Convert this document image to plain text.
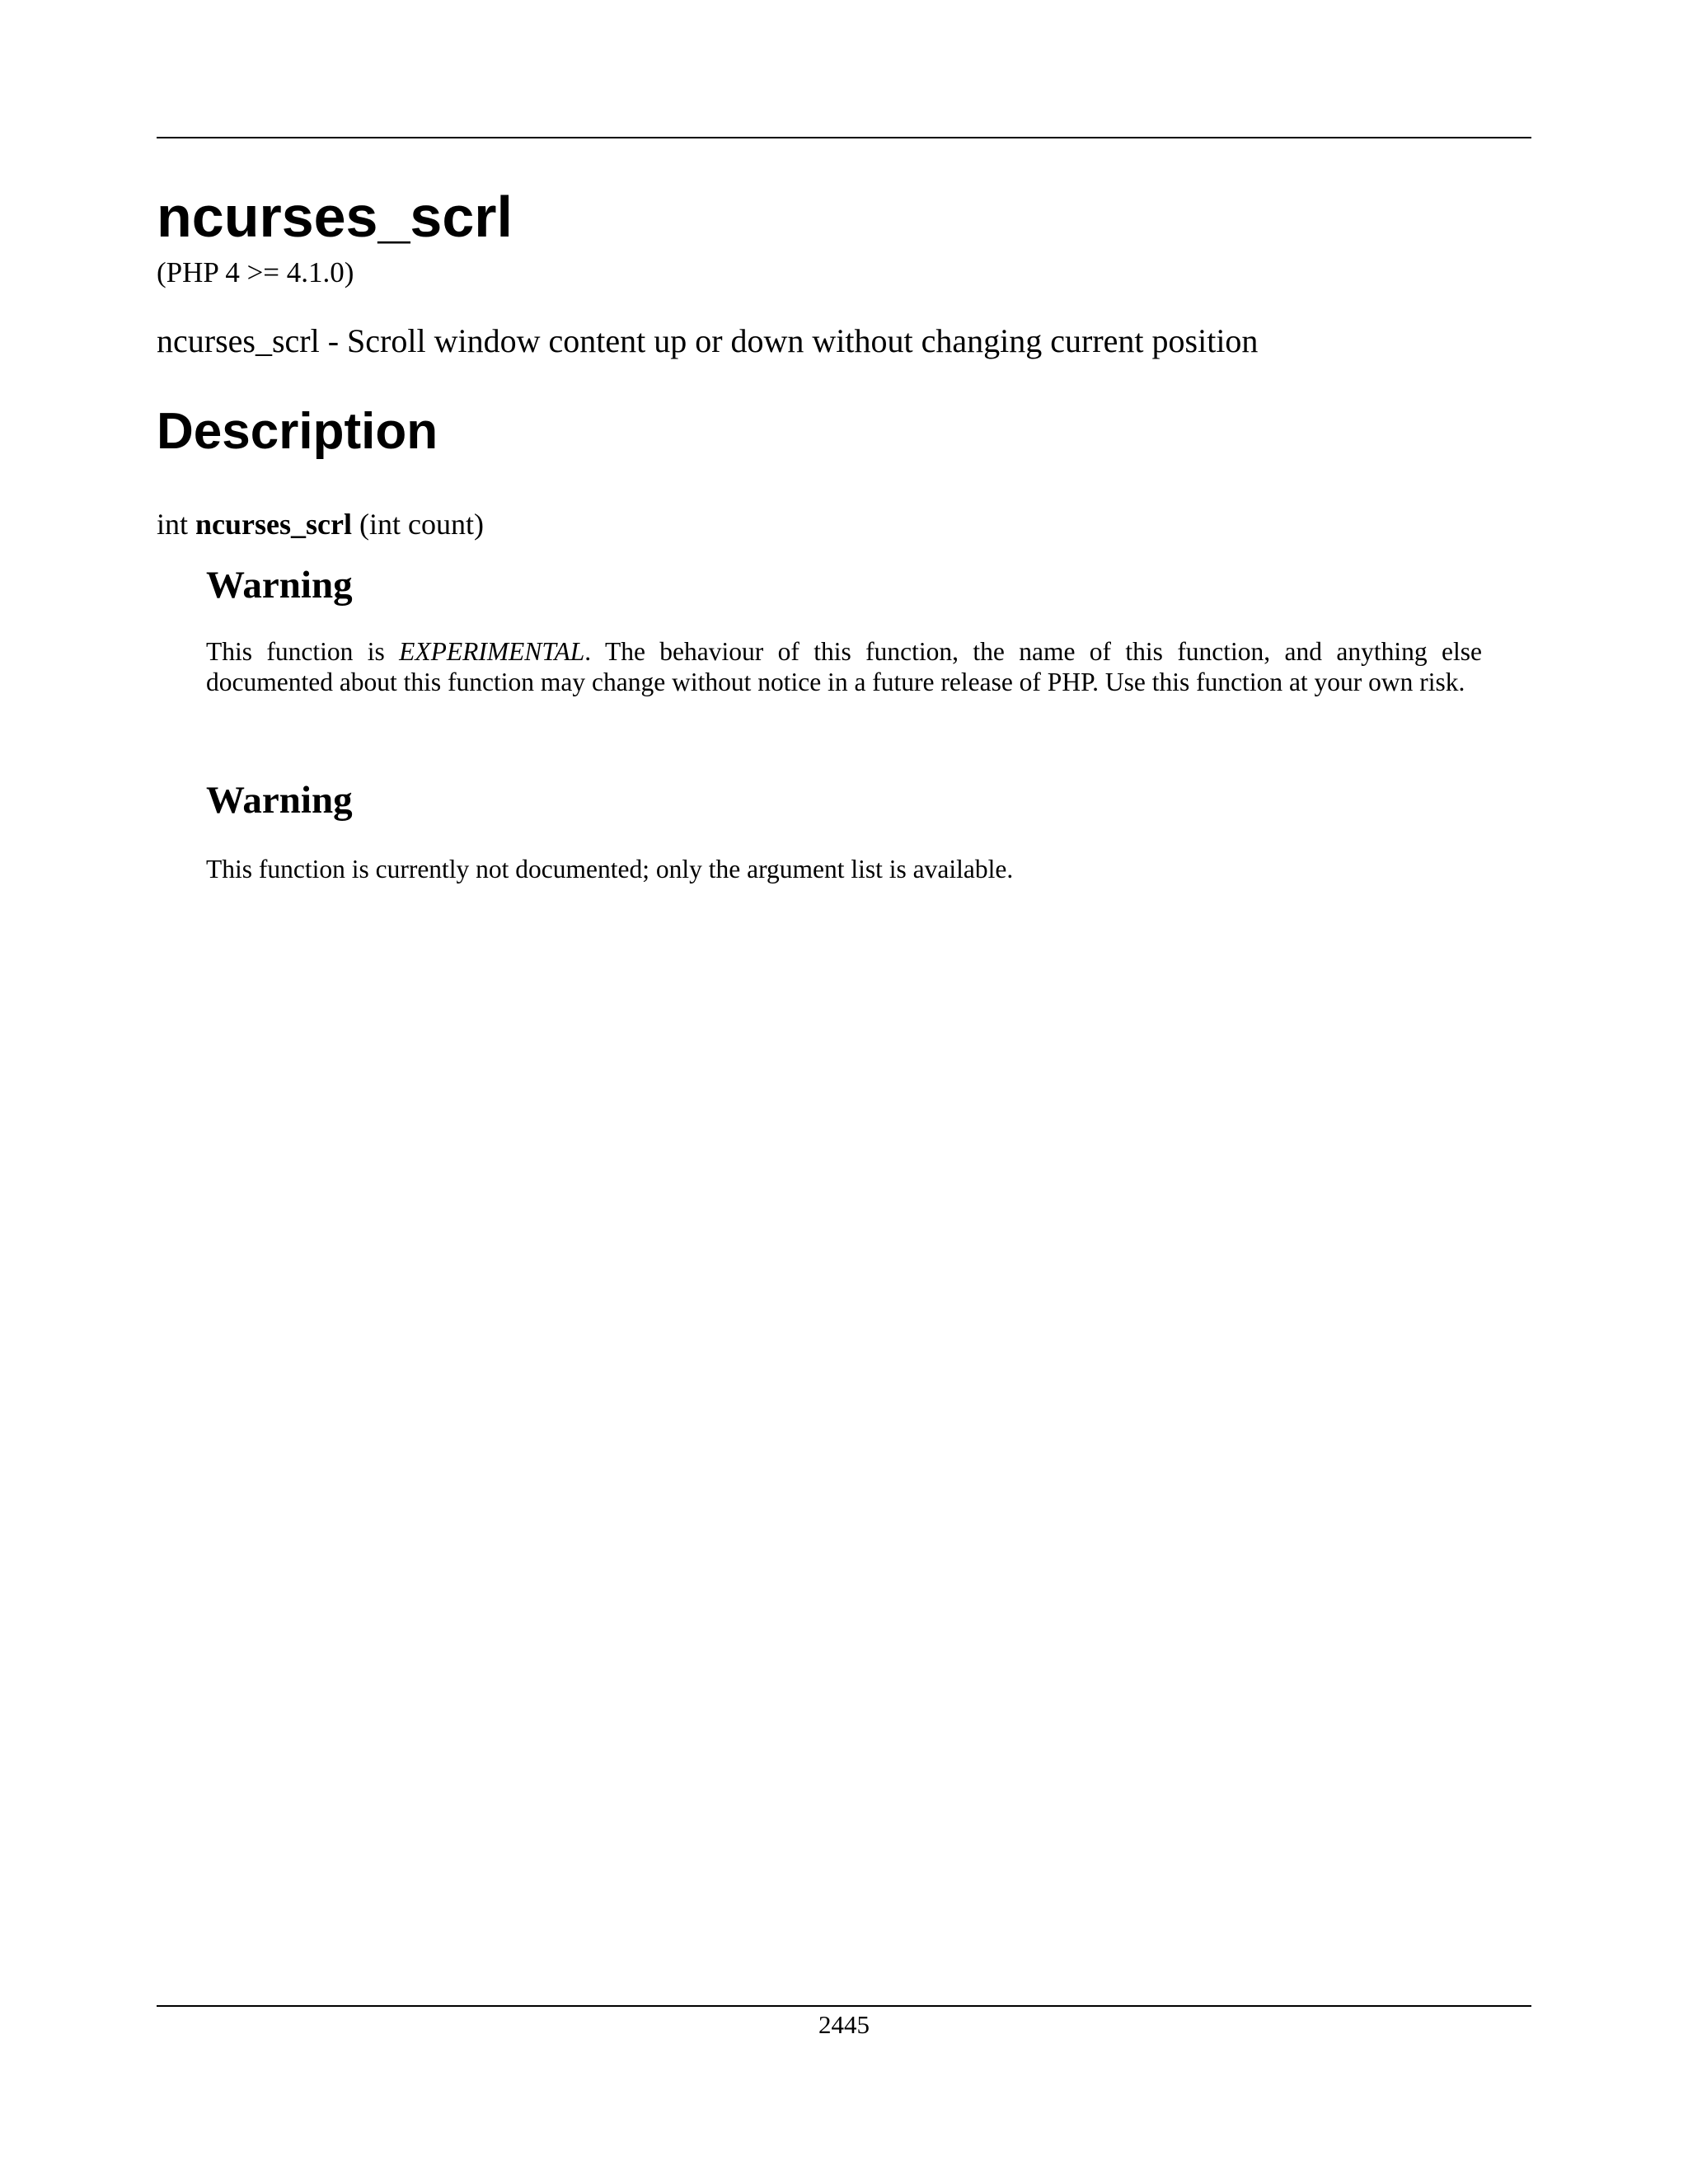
ncurses_scrl
(PHP 4 >= 4.1.0)
ncurses_scrl - Scroll window content up or down without changing current position
Description
int ncurses_scrl (int count)
Warning

This function is EXPERIMENTAL. The behaviour of this function, the name of this function, and anything else documented about this function may change without notice in a future release of PHP. Use this function at your own risk.

Warning

This function is currently not documented; only the argument list is available.

2445
